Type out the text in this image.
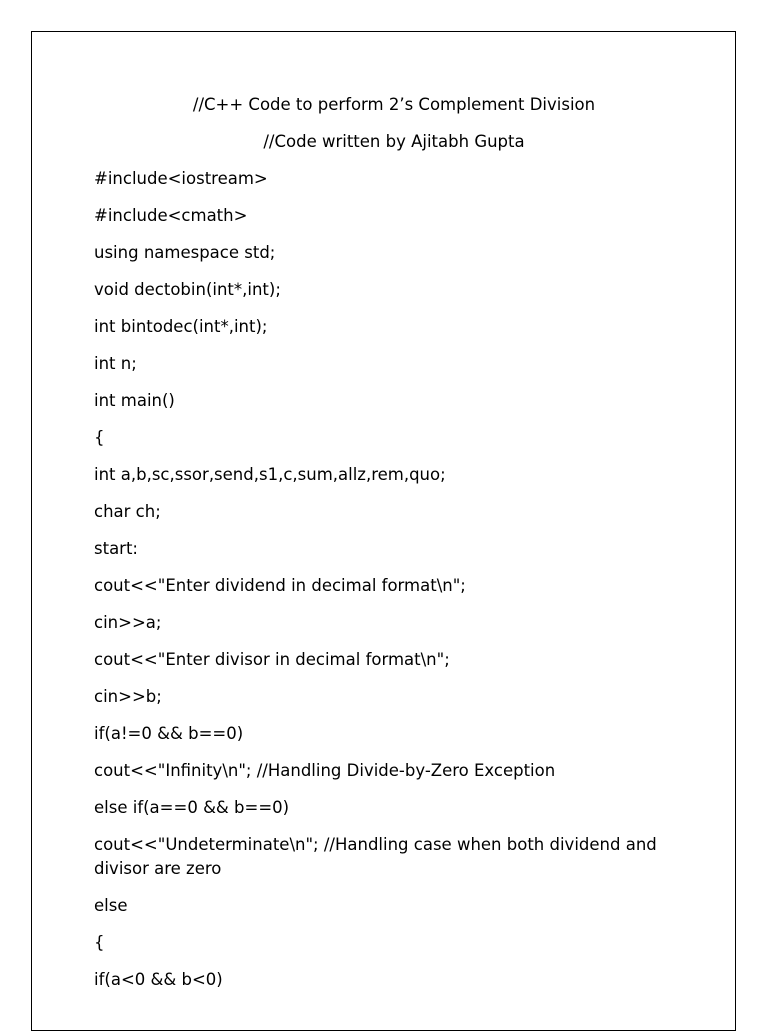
//C++ Code to perform 2’s Complement Division
//Code written by Ajitabh Gupta
#include<iostream>
#include<cmath>
using namespace std;
void dectobin(int*,int);
int bintodec(int*,int);
int n;
int main()
{
int a,b,sc,ssor,send,s1,c,sum,allz,rem,quo;
char ch;
start:
cout<<"Enter dividend in decimal format\n";
cin>>a;
cout<<"Enter divisor in decimal format\n";
cin>>b;
if(a!=0 && b==0)
cout<<"Infinity\n"; //Handling Divide-by-Zero Exception
else if(a==0 && b==0)
cout<<"Undeterminate\n"; //Handling case when both dividend and divisor are zero
else
{
if(a<0 && b<0)
